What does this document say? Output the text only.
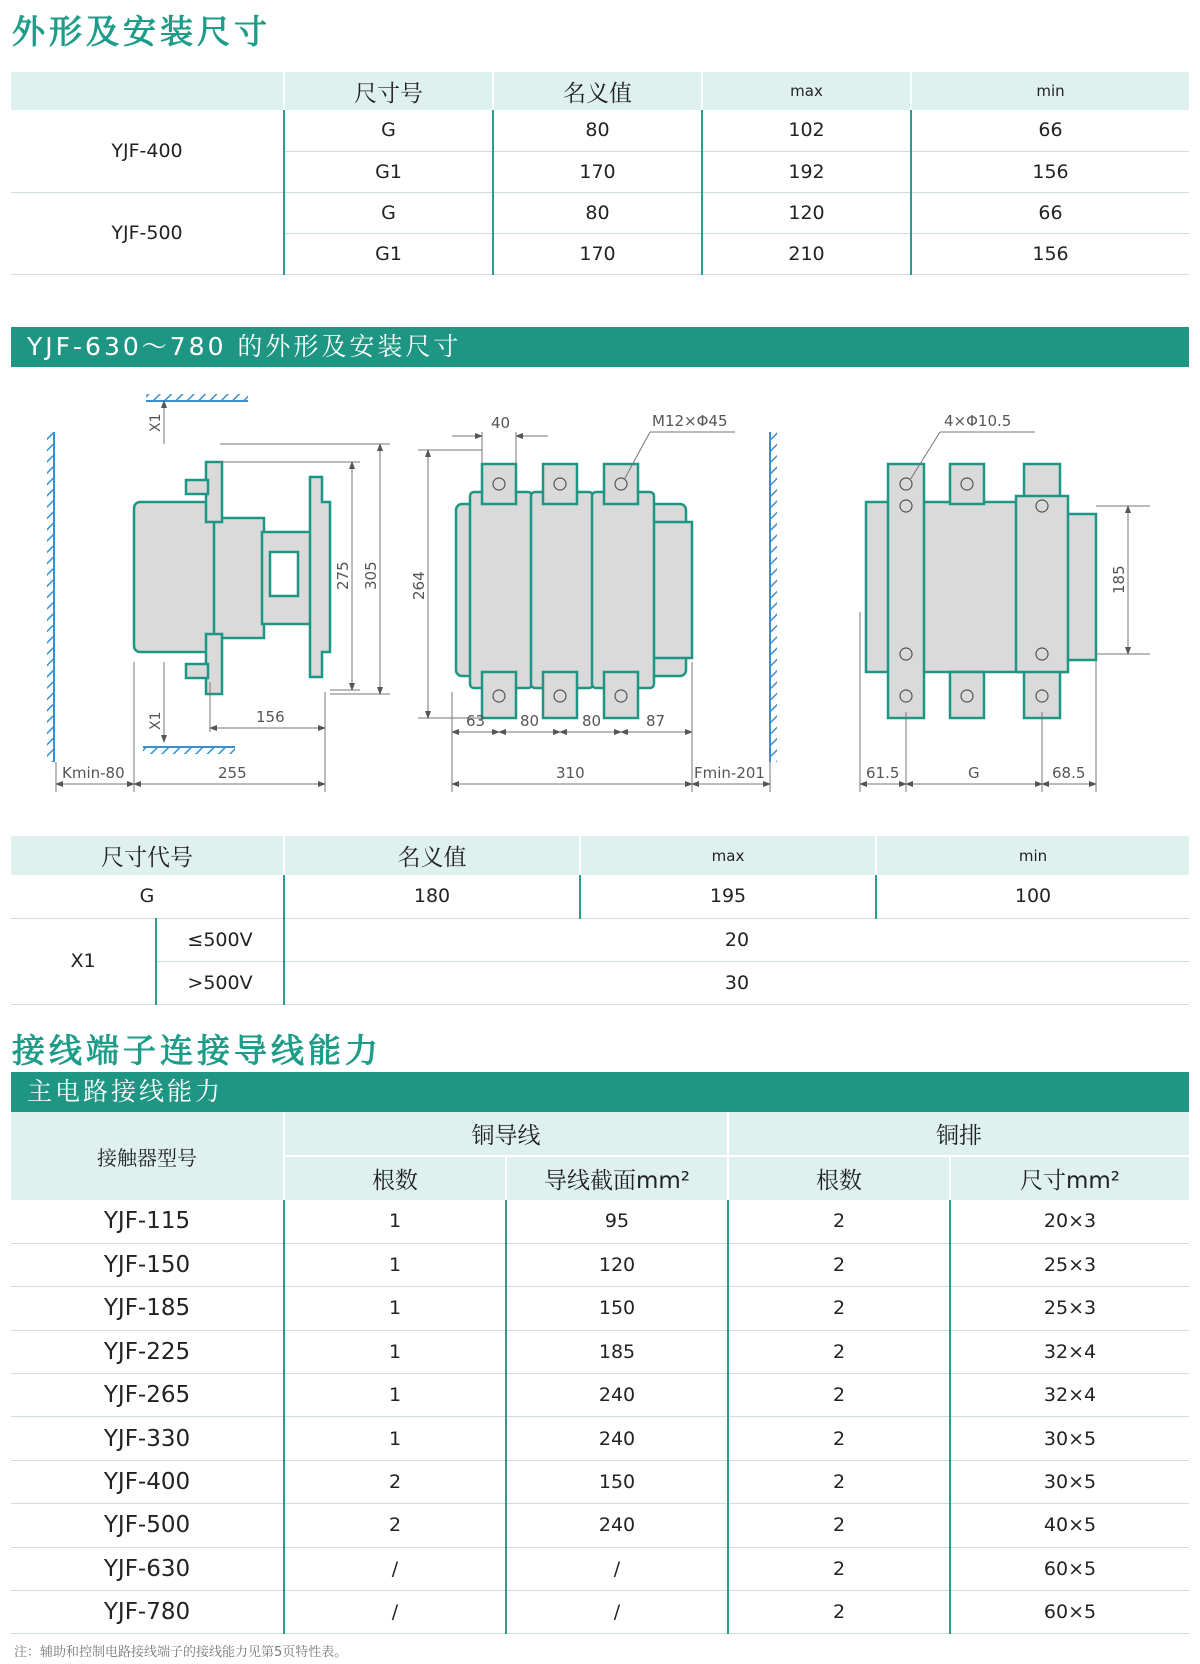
外形及安装尺寸
	尺寸号	名义值	max	min
YJF-400	G	80	102	66
	G1	170	192	156
YJF-500	G	80	120	66
	G1	170	210	156
YJF-630～780 的外形及安装尺寸
X1
X1
275 305
156
Kmin-80	255
40	M12×Φ45
264
63 80	80	87
310	Fmin-201
4×Φ10.5
185
61.5	G	68.5
尺寸代号		名义值	max	min
G		180	195	100
X1	≤500V	20		
	>500V	30		
接线端子连接导线能力
主电路接线能力
接触器型号	铜导线		铜排	
	根数	导线截面mm²	根数	尺寸mm²
YJF-115	1	95	2	20×3
YJF-150	1	120	2	25×3
YJF-185	1	150	2	25×3
YJF-225	1	185	2	32×4
YJF-265	1	240	2	32×4
YJF-330	1	240	2	30×5
YJF-400	2	150	2	30×5
YJF-500	2	240	2	40×5
YJF-630	/	/	2	60×5
YJF-780	/	/	2	60×5
注：辅助和控制电路接线端子的接线能力见第5页特性表。
